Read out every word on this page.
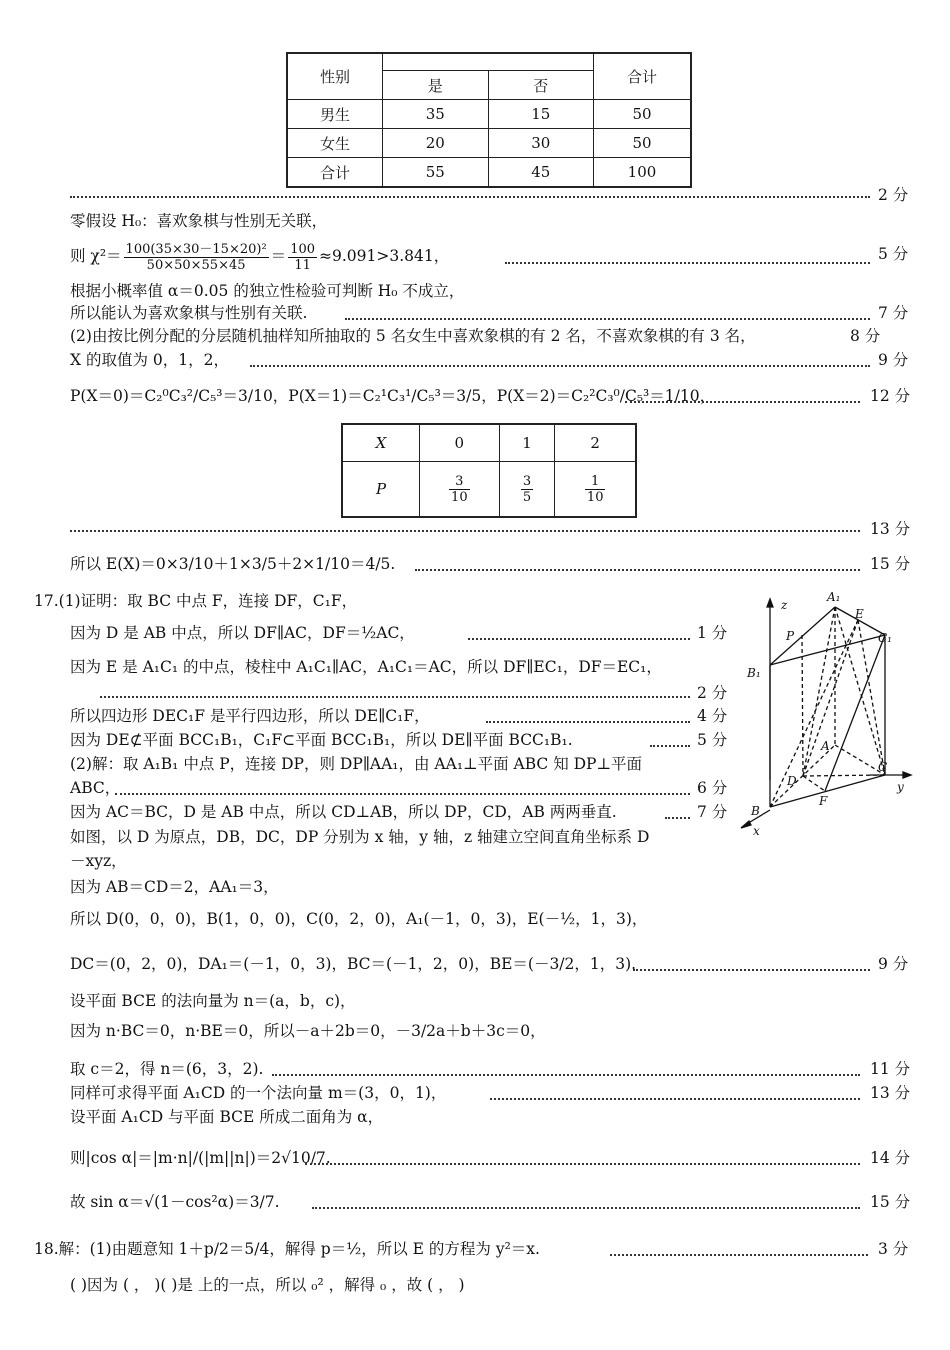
性别			合计
	是	否	
男生	35	15	50
女生	20	30	50
合计	55	45	100
2 分
零假设 H₀：喜欢象棋与性别无关联，
则 $\chi^2= \frac{\text{100(35×30－15×20)²}}{50\times 50\times 55\times 45} = \frac{100}{11} \approx 9.091>3.841$，	5 分
根据小概率值 α＝0.05 的独立性检验可判断 H₀ 不成立，
所以能认为喜欢象棋与性别有关联.	7 分
(2)由按比例分配的分层随机抽样知所抽取的 5 名女生中喜欢象棋的有 2 名，不喜欢象棋的有 3 名，	8 分
X 的取值为 0，1，2，	9 分
P(X＝0)＝C₂⁰C₃²/C₅³＝3/10，P(X＝1)＝C₂¹C₃¹/C₅³＝3/5，P(X＝2)＝C₂²C₃⁰/C₅³＝1/10，	12 分
X	0	1	2
P	$\frac{3}{10}$	$\frac{3}{5}$	$\frac{1}{10}$
13 分
所以 E(X)＝0×3/10＋1×3/5＋2×1/10＝4/5.	15 分
17.(1)证明：取 BC 中点 F，连接 DF，C₁F，
因为 D 是 AB 中点，所以 DF∥AC，DF＝½AC，	1 分
因为 E 是 A₁C₁ 的中点，棱柱中 A₁C₁∥AC，A₁C₁＝AC，所以 DF∥EC₁，DF＝EC₁，
2 分
所以四边形 DEC₁F 是平行四边形，所以 DE∥C₁F，	4 分
因为 DE⊄平面 BCC₁B₁，C₁F⊂平面 BCC₁B₁，所以 DE∥平面 BCC₁B₁.	5 分
(2)解：取 A₁B₁ 中点 P，连接 DP，则 DP∥AA₁，由 AA₁⊥平面 ABC 知 DP⊥平面
ABC，	6 分
因为 AC＝BC，D 是 AB 中点，所以 CD⊥AB，所以 DP，CD，AB 两两垂直.	7 分
如图，以 D 为原点，DB，DC，DP 分别为 x 轴，y 轴，z 轴建立空间直角坐标系 D
－xyz，
因为 AB＝CD＝2，AA₁＝3，
所以 D(0，0，0)，B(1，0，0)，C(0，2，0)，A₁(－1，0，3)，E(－½，1，3)，
DC＝(0，2，0)，DA₁＝(－1，0，3)，BC＝(－1，2，0)，BE＝(－3/2，1，3).	9 分
设平面 BCE 的法向量为 n＝(a，b，c)，
因为 n·BC＝0，n·BE＝0，所以－a＋2b＝0，－3/2a＋b＋3c＝0，
取 c＝2，得 n＝(6，3，2).	11 分
同样可求得平面 A₁CD 的一个法向量 m＝(3，0，1)，	13 分
设平面 A₁CD 与平面 BCE 所成二面角为 α，
则|cos α|＝|m·n|/(|m||n|)＝2√10/7.	14 分
故 sin α＝√(1－cos²α)＝3/7.	15 分
18.解：(1)由题意知 1＋p/2＝5/4，解得 p＝½，所以 E 的方程为 y²＝x.	3 分
( )因为 ( ， )( )是 上的一点，所以 ₀² ，解得 ₀ ，故 ( ， )
z
A₁
E
P	C₁
B₁
A
D
C
y
B
F
x
